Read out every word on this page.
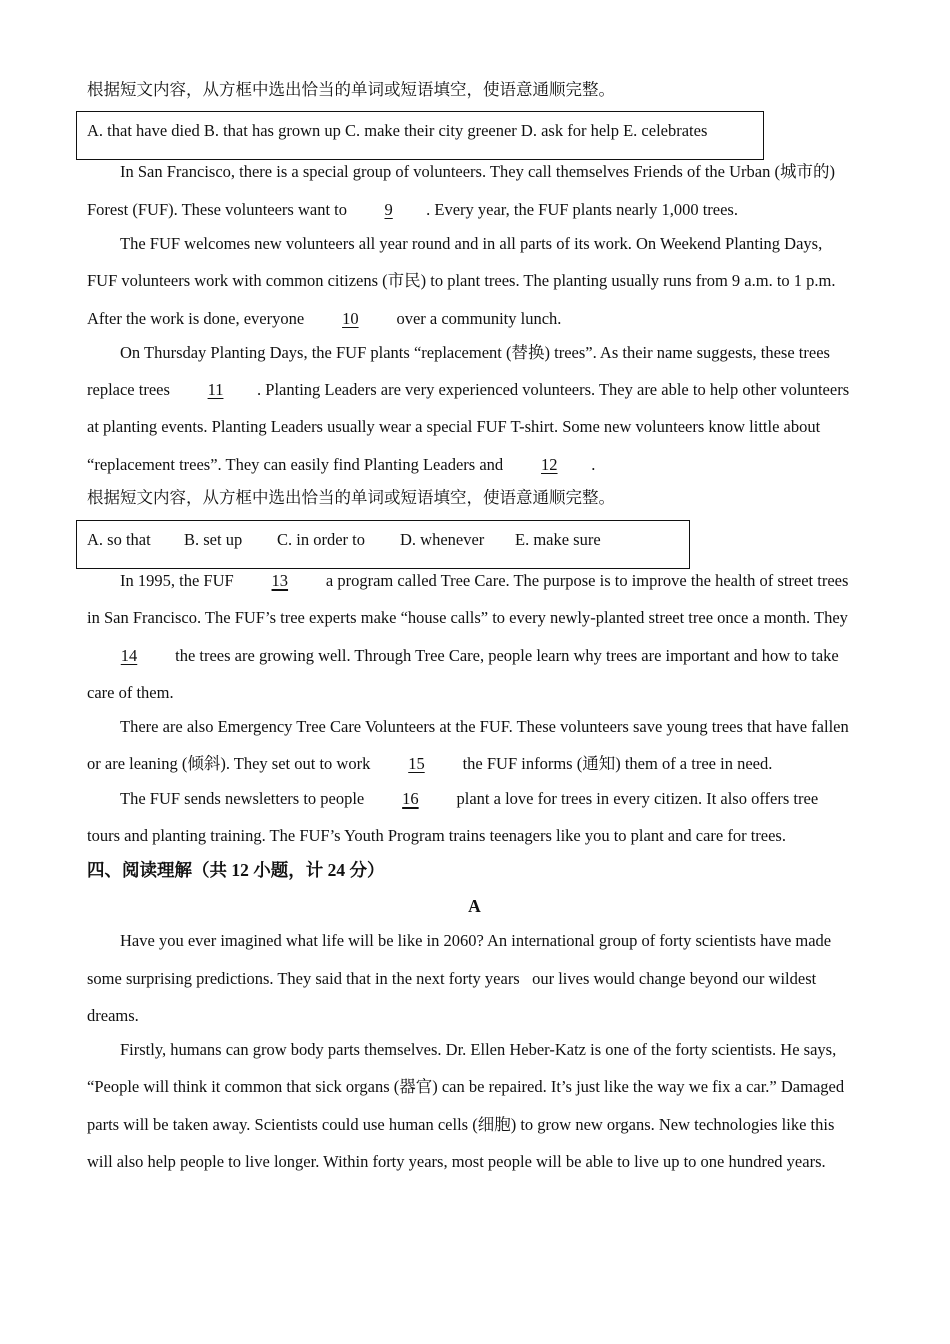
根据短文内容，从方框中选出恰当的单词或短语填空，使语意通顺完整。
A. that have died B. that has grown up C. make their city greener D. ask for help E. celebrates
In San Francisco, there is a special group of volunteers. They call themselves Friends of the Urban (城市的)
Forest (FUF). These volunteers want to 9 . Every year, the FUF plants nearly 1,000 trees.
The FUF welcomes new volunteers all year round and in all parts of its work. On Weekend Planting Days,
FUF volunteers work with common citizens (市民) to plant trees. The planting usually runs from 9 a.m. to 1 p.m.
After the work is done, everyone 10 over a community lunch.
On Thursday Planting Days, the FUF plants “replacement (替换) trees”. As their name suggests, these trees
replace trees 11 . Planting Leaders are very experienced volunteers. They are able to help other volunteers
at planting events. Planting Leaders usually wear a special FUF T-shirt. Some new volunteers know little about
“replacement trees”. They can easily find Planting Leaders and 12 .
根据短文内容，从方框中选出恰当的单词或短语填空，使语意通顺完整。
A. so that B. set up C. in order to D. whenever E. make sure
In 1995, the FUF 13 a program called Tree Care. The purpose is to improve the health of street trees
in San Francisco. The FUF’s tree experts make “house calls” to every newly-planted street tree once a month. They
14 the trees are growing well. Through Tree Care, people learn why trees are important and how to take
care of them.
There are also Emergency Tree Care Volunteers at the FUF. These volunteers save young trees that have fallen
or are leaning (倾斜). They set out to work 15 the FUF informs (通知) them of a tree in need.
The FUF sends newsletters to people 16 plant a love for trees in every citizen. It also offers tree
tours and planting training. The FUF’s Youth Program trains teenagers like you to plant and care for trees.
四、阅读理解（共 12 小题，计 24 分）
A
Have you ever imagined what life will be like in 2060? An international group of forty scientists have made
some surprising predictions. They said that in the next forty years   our lives would change beyond our wildest
dreams.
Firstly, humans can grow body parts themselves. Dr. Ellen Heber-Katz is one of the forty scientists. He says,
“People will think it common that sick organs (器官) can be repaired. It’s just like the way we fix a car.” Damaged
parts will be taken away. Scientists could use human cells (细胞) to grow new organs. New technologies like this
will also help people to live longer. Within forty years, most people will be able to live up to one hundred years.
